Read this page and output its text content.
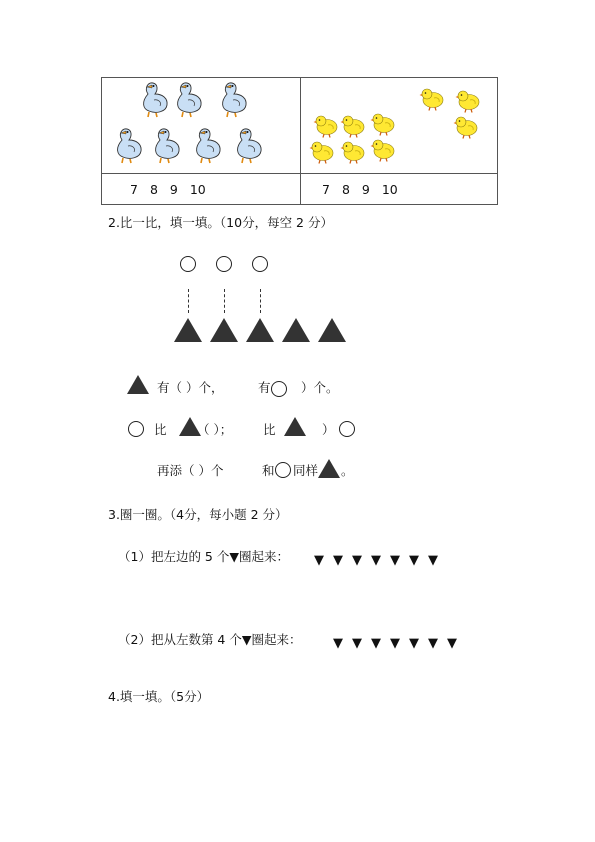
7 8 9 10	7 8 9 10
2.比一比，填一填。（10分，每空 2 分）
有（ ）个，	有 ）个。
比 （ ）； 比	）
再添（ ）个	和 同样 。
3.圈一圈。（4分，每小题 2 分）
（1）把左边的 5 个▼圈起来： ▼ ▼ ▼ ▼ ▼ ▼ ▼
（2）把从左数第 4 个▼圈起来： ▼ ▼ ▼ ▼ ▼ ▼ ▼
4.填一填。（5分）
